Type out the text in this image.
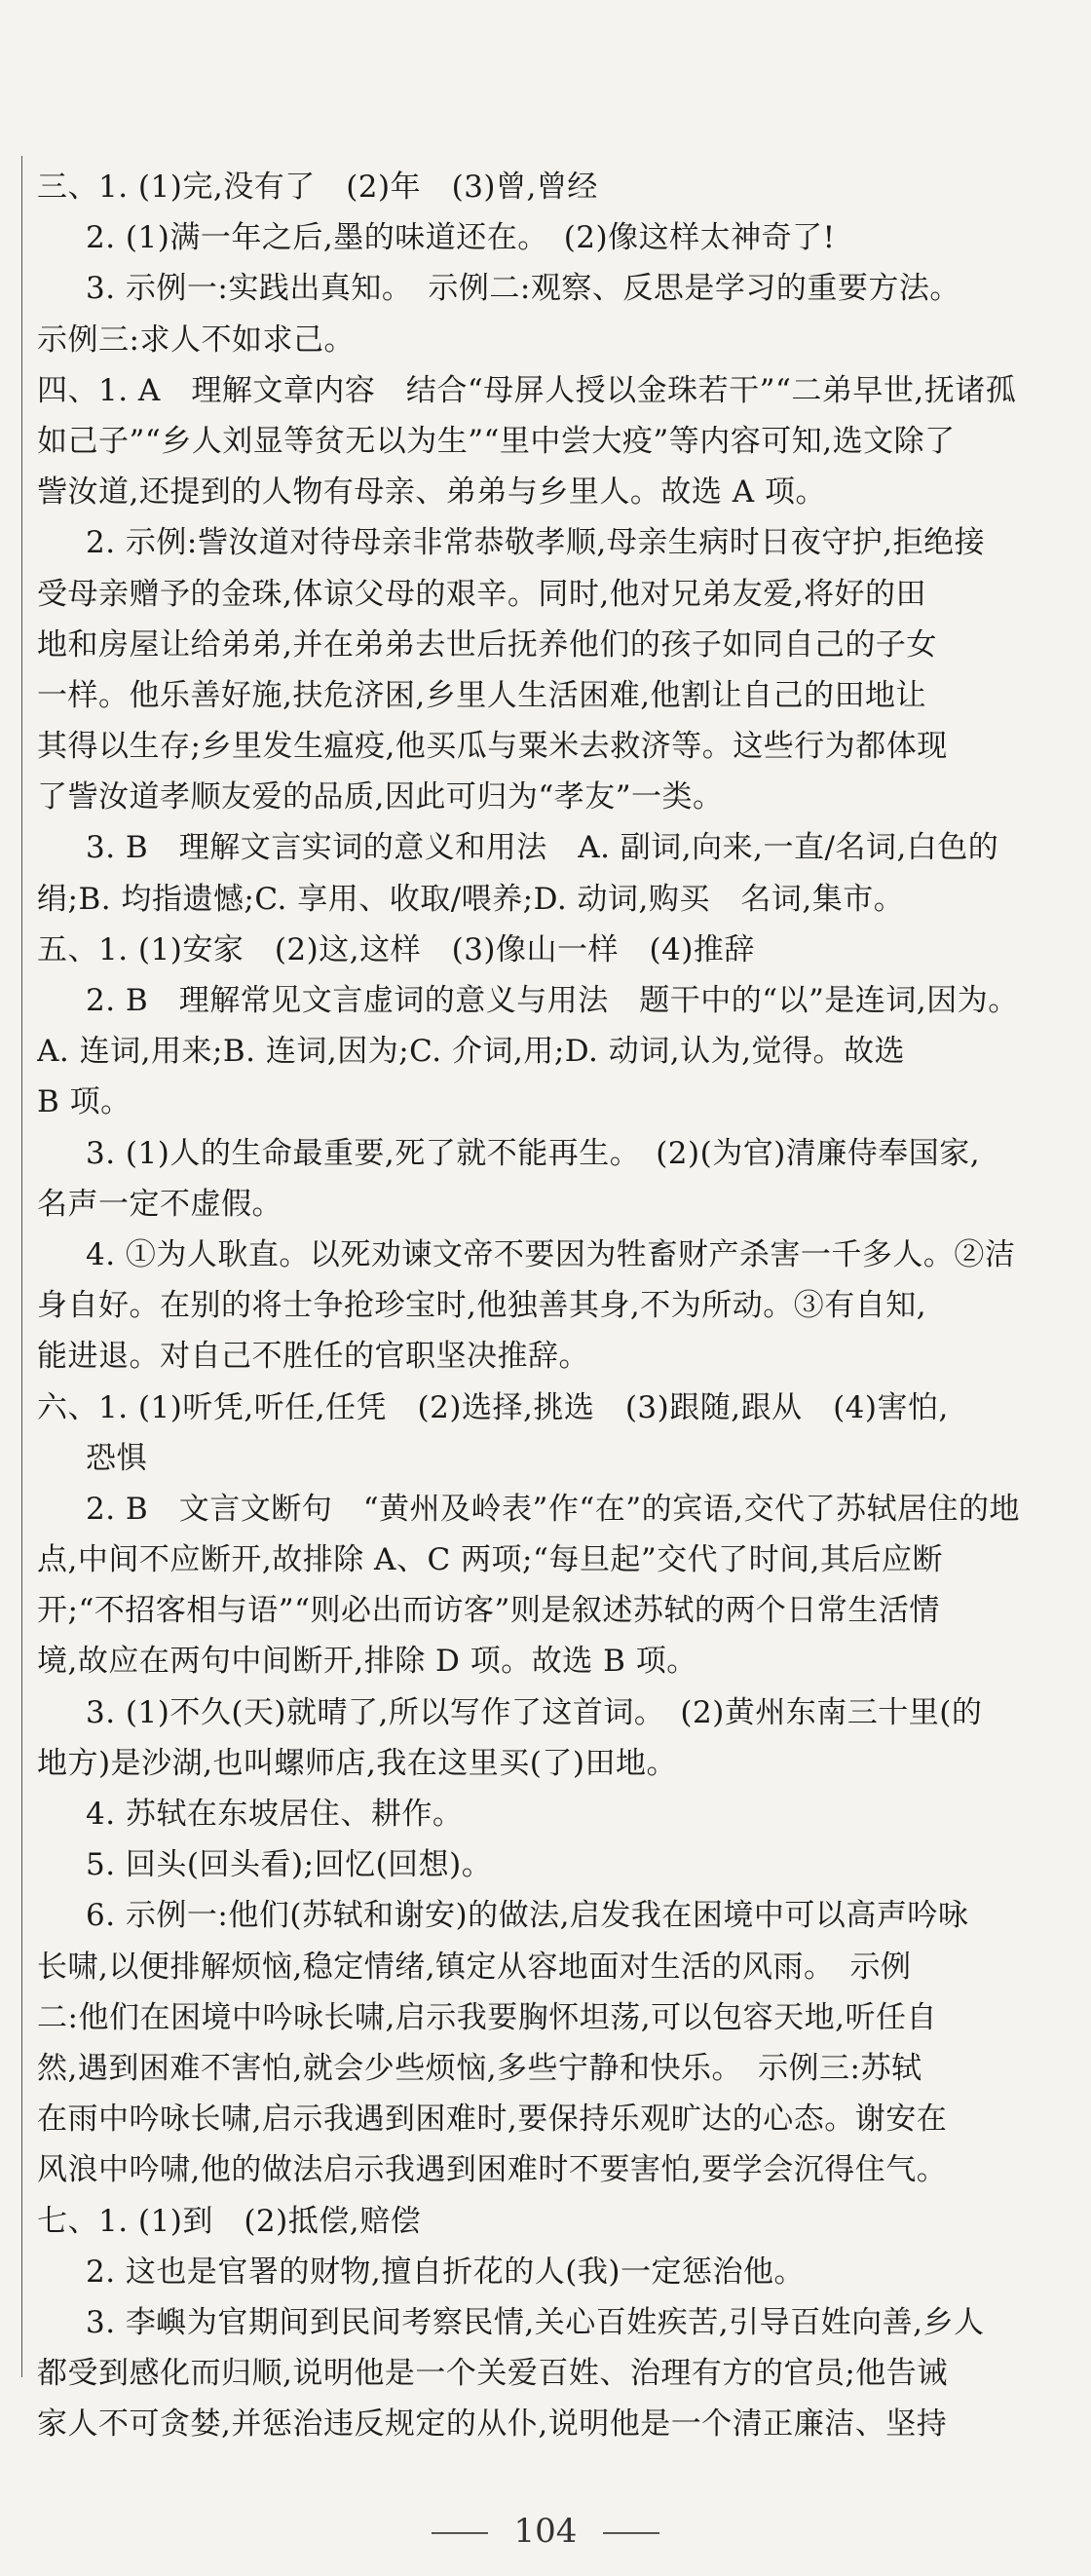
三、1. (1)完,没有了　(2)年　(3)曾,曾经
2. (1)满一年之后,墨的味道还在。　(2)像这样太神奇了!
3. 示例一:实践出真知。　示例二:观察、反思是学习的重要方法。
示例三:求人不如求己。
四、1. A　理解文章内容　结合“母屏人授以金珠若干”“二弟早世,抚诸孤
如己子”“乡人刘显等贫无以为生”“里中尝大疫”等内容可知,选文除了
訾汝道,还提到的人物有母亲、弟弟与乡里人。故选 A 项。
2. 示例:訾汝道对待母亲非常恭敬孝顺,母亲生病时日夜守护,拒绝接
受母亲赠予的金珠,体谅父母的艰辛。同时,他对兄弟友爱,将好的田
地和房屋让给弟弟,并在弟弟去世后抚养他们的孩子如同自己的子女
一样。他乐善好施,扶危济困,乡里人生活困难,他割让自己的田地让
其得以生存;乡里发生瘟疫,他买瓜与粟米去救济等。这些行为都体现
了訾汝道孝顺友爱的品质,因此可归为“孝友”一类。
3. B　理解文言实词的意义和用法　A. 副词,向来,一直/名词,白色的
绢;B. 均指遗憾;C. 享用、收取/喂养;D. 动词,购买　名词,集市。
五、1. (1)安家　(2)这,这样　(3)像山一样　(4)推辞
2. B　理解常见文言虚词的意义与用法　题干中的“以”是连词,因为。
A. 连词,用来;B. 连词,因为;C. 介词,用;D. 动词,认为,觉得。故选
B 项。
3. (1)人的生命最重要,死了就不能再生。　(2)(为官)清廉侍奉国家,
名声一定不虚假。
4. ①为人耿直。以死劝谏文帝不要因为牲畜财产杀害一千多人。②洁
身自好。在别的将士争抢珍宝时,他独善其身,不为所动。③有自知,
能进退。对自己不胜任的官职坚决推辞。
六、1. (1)听凭,听任,任凭　(2)选择,挑选　(3)跟随,跟从　(4)害怕,
恐惧
2. B　文言文断句　“黄州及岭表”作“在”的宾语,交代了苏轼居住的地
点,中间不应断开,故排除 A、C 两项;“每旦起”交代了时间,其后应断
开;“不招客相与语”“则必出而访客”则是叙述苏轼的两个日常生活情
境,故应在两句中间断开,排除 D 项。故选 B 项。
3. (1)不久(天)就晴了,所以写作了这首词。　(2)黄州东南三十里(的
地方)是沙湖,也叫螺师店,我在这里买(了)田地。
4. 苏轼在东坡居住、耕作。
5. 回头(回头看);回忆(回想)。
6. 示例一:他们(苏轼和谢安)的做法,启发我在困境中可以高声吟咏
长啸,以便排解烦恼,稳定情绪,镇定从容地面对生活的风雨。　示例
二:他们在困境中吟咏长啸,启示我要胸怀坦荡,可以包容天地,听任自
然,遇到困难不害怕,就会少些烦恼,多些宁静和快乐。　示例三:苏轼
在雨中吟咏长啸,启示我遇到困难时,要保持乐观旷达的心态。谢安在
风浪中吟啸,他的做法启示我遇到困难时不要害怕,要学会沉得住气。
七、1. (1)到　(2)抵偿,赔偿
2. 这也是官署的财物,擅自折花的人(我)一定惩治他。
3. 李嶼为官期间到民间考察民情,关心百姓疾苦,引导百姓向善,乡人
都受到感化而归顺,说明他是一个关爱百姓、治理有方的官员;他告诫
家人不可贪婪,并惩治违反规定的从仆,说明他是一个清正廉洁、坚持
104
